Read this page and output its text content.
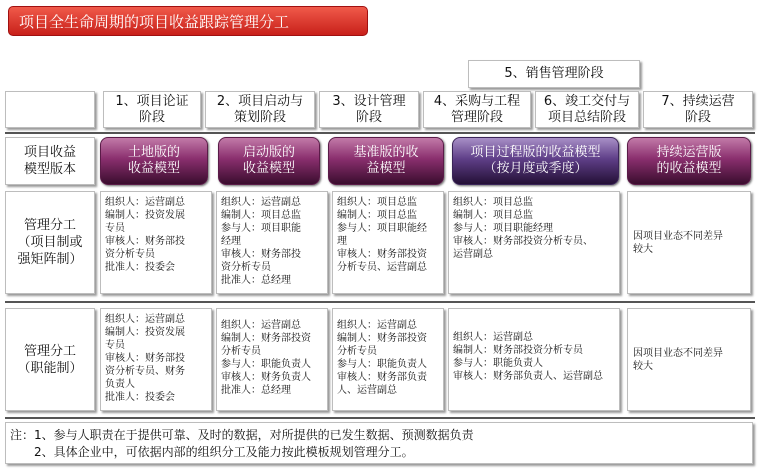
项目全生命周期的项目收益跟踪管理分工
5、销售管理阶段
1、项目论证
阶段
2、项目启动与
策划阶段
3、设计管理
阶段
4、采购与工程
管理阶段
6、竣工交付与
项目总结阶段
7、持续运营
阶段
项目收益
模型版本
土地版的
收益模型
启动版的
收益模型
基准版的收
益模型
项目过程版的收益模型
（按月度或季度）
持续运营版
的收益模型
管理分工
（项目制或
强矩阵制）
组织人：运营副总
编制人：投资发展
专员
审核人：财务部投
资分析专员
批准人：投委会
组织人：运营副总
编制人：项目总监
参与人：项目职能
经理
审核人：财务部投
资分析专员
批准人：总经理
组织人：项目总监
编制人：项目总监
参与人：项目职能经
理
审核人：财务部投资
分析专员、运营副总
组织人：项目总监
编制人：项目总监
参与人：项目职能经理
审核人：财务部投资分析专员、
运营副总
因项目业态不同差异
较大
管理分工
（职能制）
组织人：运营副总
编制人：投资发展
专员
审核人：财务部投
资分析专员、财务
负责人
批准人：投委会
组织人：运营副总
编制人：财务部投资
分析专员
参与人：职能负责人
审核人：财务负责人
批准人：总经理
组织人：运营副总
编制人：财务部投资
分析专员
参与人：职能负责人
审核人：财务部负责
人、运营副总
组织人：运营副总
编制人：财务部投资分析专员
参与人：职能负责人
审核人：财务部负责人、运营副总
因项目业态不同差异
较大
注：1、参与人职责在于提供可靠、及时的数据，对所提供的已发生数据、预测数据负责
　　2、具体企业中，可依据内部的组织分工及能力按此模板规划管理分工。
